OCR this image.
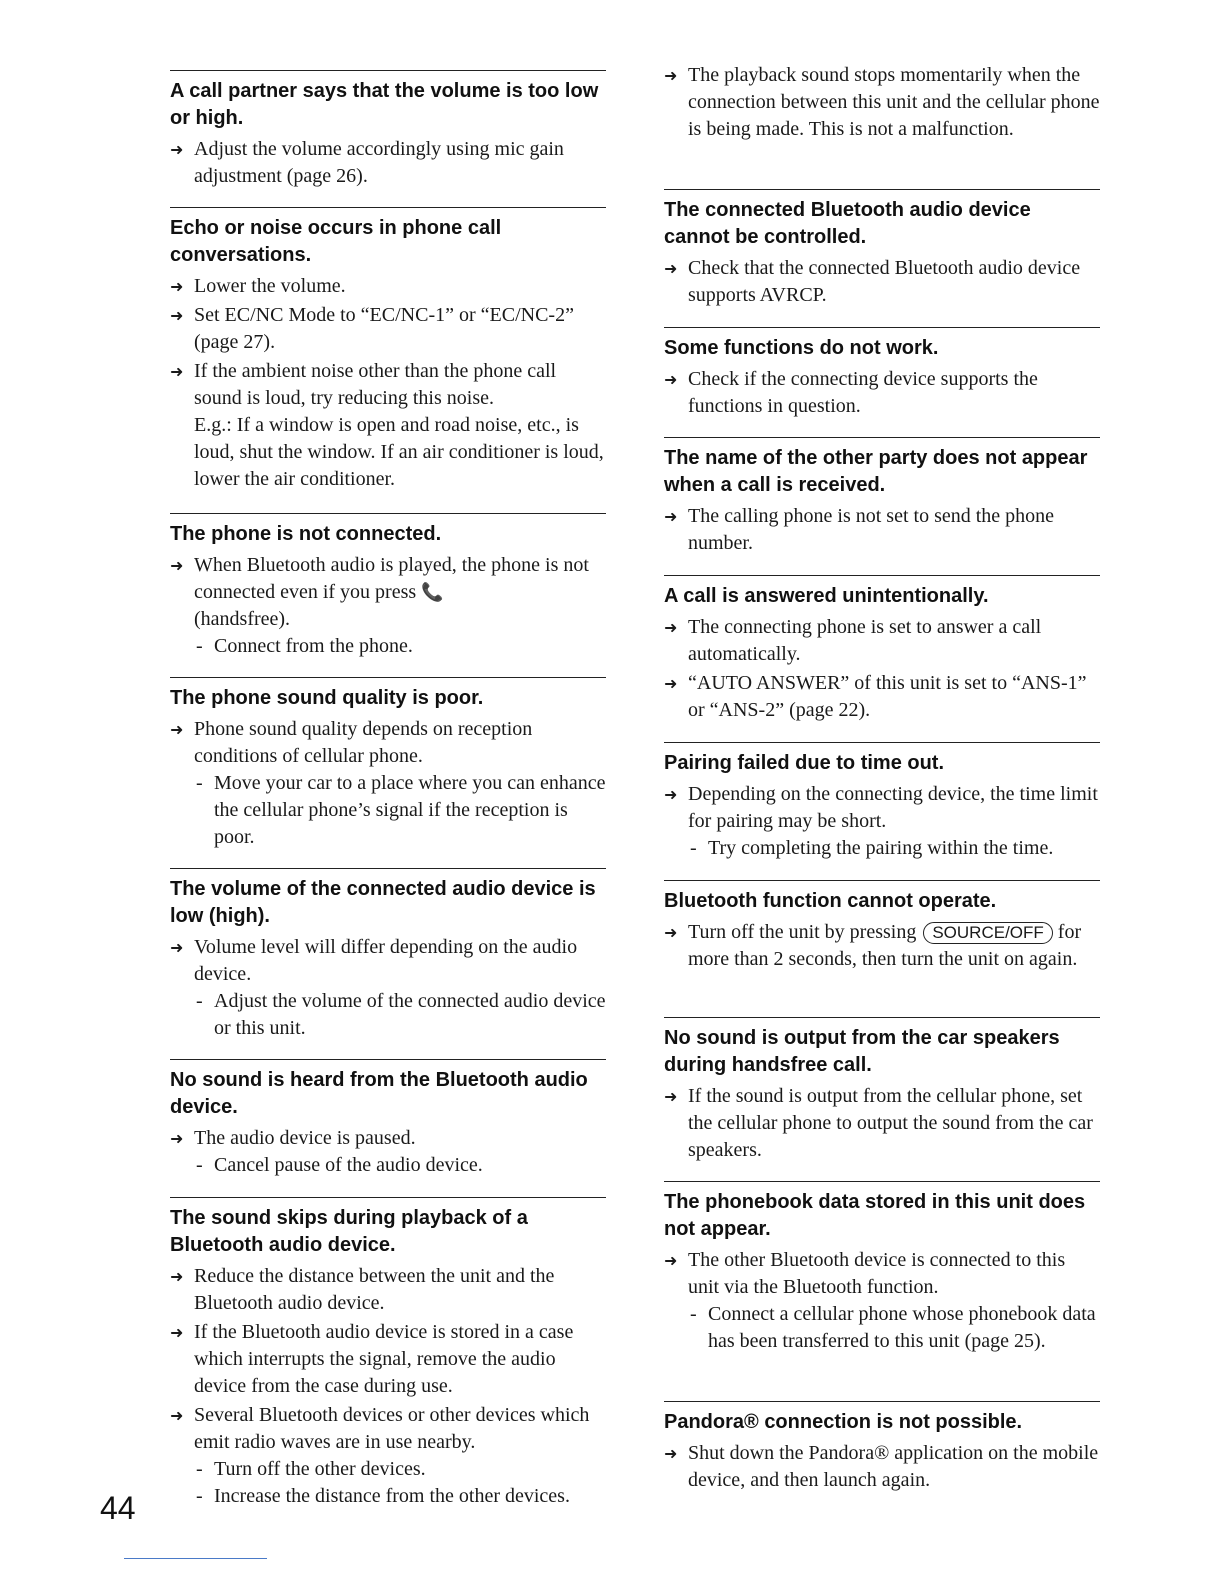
A call partner says that the volume is too low or high.
➜ Adjust the volume accordingly using mic gain adjustment (page 26).
Echo or noise occurs in phone call conversations.
➜ Lower the volume.
➜ Set EC/NC Mode to “EC/NC-1” or “EC/NC-2” (page 27).
➜ If the ambient noise other than the phone call sound is loud, try reducing this noise.
E.g.: If a window is open and road noise, etc., is loud, shut the window. If an air conditioner is loud, lower the air conditioner.
The phone is not connected.
➜ When Bluetooth audio is played, the phone is not connected even if you press 📞
(handsfree).
- Connect from the phone.
The phone sound quality is poor.
➜ Phone sound quality depends on reception conditions of cellular phone.
- Move your car to a place where you can enhance the cellular phone’s signal if the reception is poor.
The volume of the connected audio device is low (high).
➜ Volume level will differ depending on the audio device.
- Adjust the volume of the connected audio device or this unit.
No sound is heard from the Bluetooth audio device.
➜ The audio device is paused.
- Cancel pause of the audio device.
The sound skips during playback of a Bluetooth audio device.
➜ Reduce the distance between the unit and the Bluetooth audio device.
➜ If the Bluetooth audio device is stored in a case which interrupts the signal, remove the audio device from the case during use.
➜ Several Bluetooth devices or other devices which emit radio waves are in use nearby.
- Turn off the other devices.
- Increase the distance from the other devices.
➜ The playback sound stops momentarily when the connection between this unit and the cellular phone is being made. This is not a malfunction.
The connected Bluetooth audio device cannot be controlled.
➜ Check that the connected Bluetooth audio device supports AVRCP.
Some functions do not work.
➜ Check if the connecting device supports the functions in question.
The name of the other party does not appear when a call is received.
➜ The calling phone is not set to send the phone number.
A call is answered unintentionally.
➜ The connecting phone is set to answer a call automatically.
➜ “AUTO ANSWER” of this unit is set to “ANS-1” or “ANS-2” (page 22).
Pairing failed due to time out.
➜ Depending on the connecting device, the time limit for pairing may be short.
- Try completing the pairing within the time.
Bluetooth function cannot operate.
➜ Turn off the unit by pressing SOURCE/OFF for more than 2 seconds, then turn the unit on again.
No sound is output from the car speakers during handsfree call.
➜ If the sound is output from the cellular phone, set the cellular phone to output the sound from the car speakers.
The phonebook data stored in this unit does not appear.
➜ The other Bluetooth device is connected to this unit via the Bluetooth function.
- Connect a cellular phone whose phonebook data has been transferred to this unit (page 25).
Pandora® connection is not possible.
➜ Shut down the Pandora® application on the mobile device, and then launch again.
44
